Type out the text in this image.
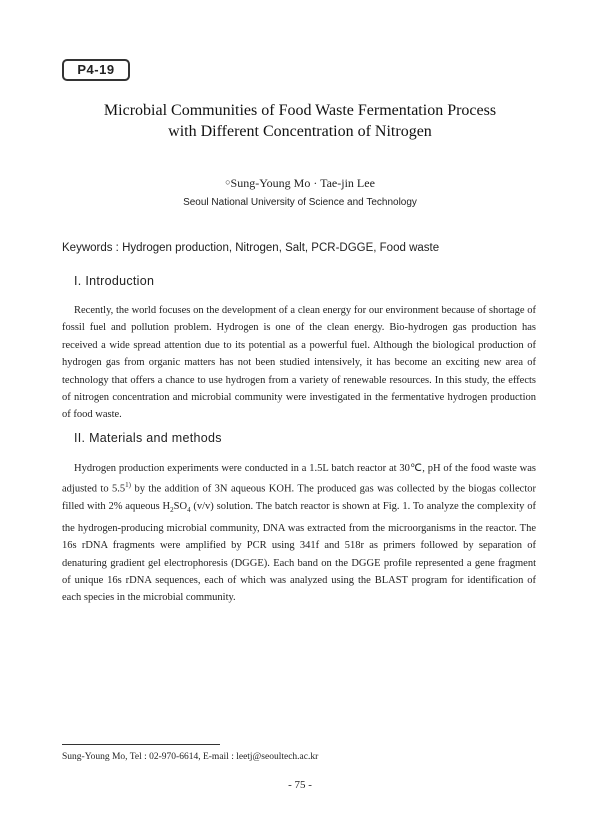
P4-19
Microbial Communities of Food Waste Fermentation Process
with Different Concentration of Nitrogen
○Sung-Young Mo · Tae-jin Lee
Seoul National University of Science and Technology
Keywords : Hydrogen production, Nitrogen, Salt, PCR-DGGE, Food waste
I. Introduction
Recently, the world focuses on the development of a clean energy for our environment because of shortage of fossil fuel and pollution problem. Hydrogen is one of the clean energy. Bio-hydrogen gas production has received a wide spread attention due to its potential as a powerful fuel. Although the biological production of hydrogen gas from organic matters has not been studied intensively, it has become an exciting new area of technology that offers a chance to use hydrogen from a variety of renewable resources. In this study, the effects of nitrogen concentration and microbial community were investigated in the fermentative hydrogen production of food waste.
II. Materials and methods
Hydrogen production experiments were conducted in a 1.5L batch reactor at 30℃, pH of the food waste was adjusted to 5.5$^{1)}$ by the addition of 3N aqueous KOH. The produced gas was collected by the biogas collector filled with 2% aqueous $H_2SO_4$ (v/v) solution. The batch reactor is shown at Fig. 1. To analyze the complexity of the hydrogen-producing microbial community, DNA was extracted from the microorganisms in the reactor. The 16s rDNA fragments were amplified by PCR using 341f and 518r as primers followed by separation of denaturing gradient gel electrophoresis (DGGE). Each band on the DGGE profile represented a gene fragment of unique 16s rDNA sequences, each of which was analyzed using the BLAST program for identification of each species in the microbial community.
Sung-Young Mo, Tel : 02-970-6614, E-mail : leetj@seoultech.ac.kr
- 75 -
